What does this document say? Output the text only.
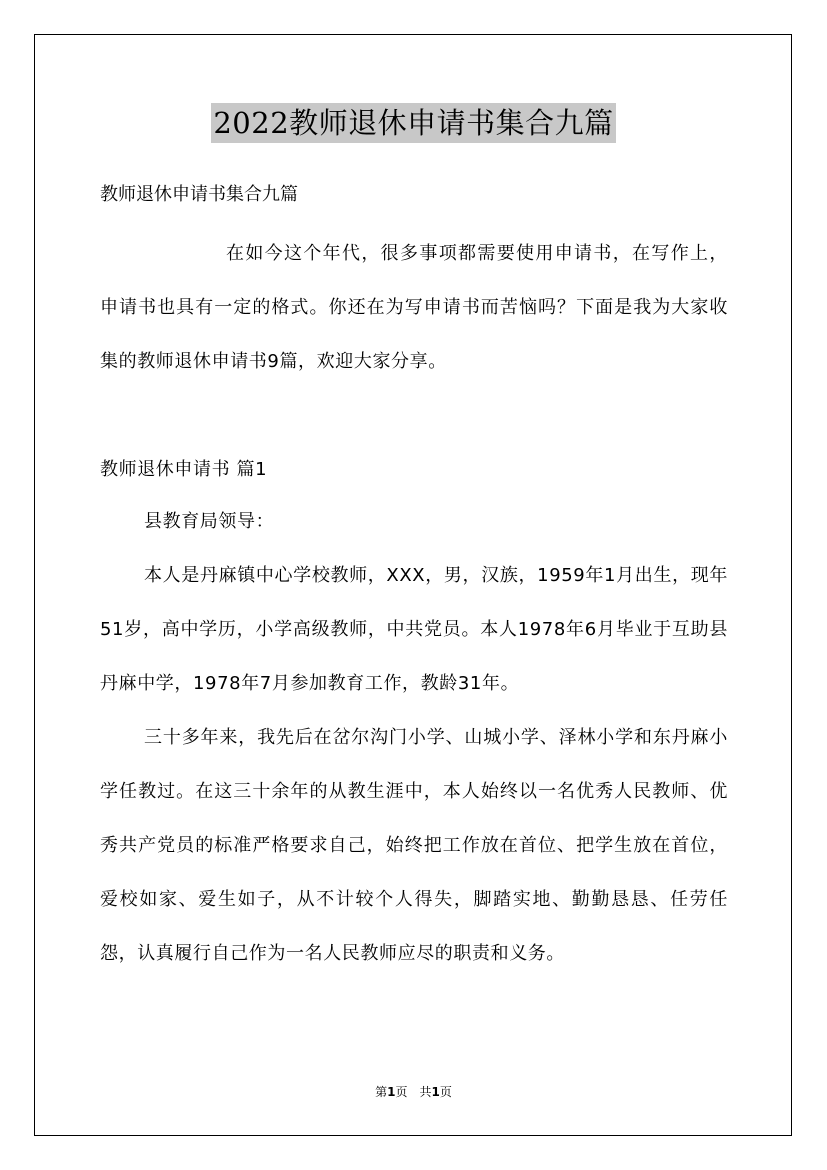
2022教师退休申请书集合九篇

教师退休申请书集合九篇

在如今这个年代，很多事项都需要使用申请书，在写作上，申请书也具有一定的格式。你还在为写申请书而苦恼吗？下面是我为大家收集的教师退休申请书9篇，欢迎大家分享。

教师退休申请书 篇1

县教育局领导：

本人是丹麻镇中心学校教师，XXX，男，汉族，1959年1月出生，现年51岁，高中学历，小学高级教师，中共党员。本人1978年6月毕业于互助县丹麻中学，1978年7月参加教育工作，教龄31年。

三十多年来，我先后在岔尔沟门小学、山城小学、泽林小学和东丹麻小学任教过。在这三十余年的从教生涯中，本人始终以一名优秀人民教师、优秀共产党员的标准严格要求自己，始终把工作放在首位、把学生放在首位，爱校如家、爱生如子，从不计较个人得失，脚踏实地、勤勤恳恳、任劳任怨，认真履行自己作为一名人民教师应尽的职责和义务。

第1页 共1页
